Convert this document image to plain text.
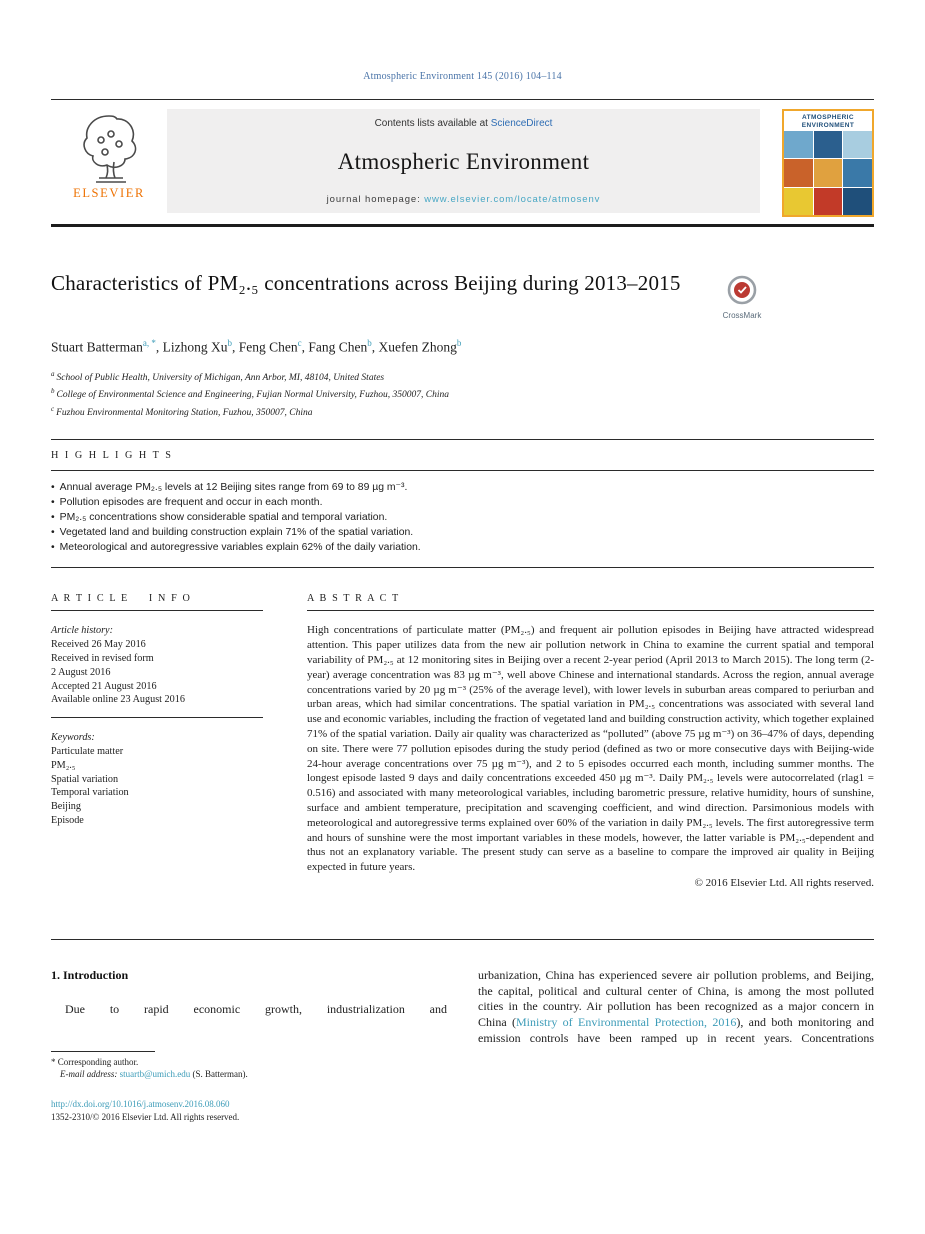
Atmospheric Environment 145 (2016) 104–114
ELSEVIER
Contents lists available at ScienceDirect
Atmospheric Environment
journal homepage: www.elsevier.com/locate/atmosenv
ATMOSPHERIC
ENVIRONMENT
Characteristics of PM₂.₅ concentrations across Beijing during 2013–2015
CrossMark
Stuart Batterman$^{a, *}$, Lizhong Xu$^b$, Feng Chen$^c$, Fang Chen$^b$, Xuefen Zhong$^b$
$^a$ School of Public Health, University of Michigan, Ann Arbor, MI, 48104, United States
$^b$ College of Environmental Science and Engineering, Fujian Normal University, Fuzhou, 350007, China
$^c$ Fuzhou Environmental Monitoring Station, Fuzhou, 350007, China
H I G H L I G H T S
• Annual average PM₂.₅ levels at 12 Beijing sites range from 69 to 89 µg m⁻³.
• Pollution episodes are frequent and occur in each month.
• PM₂.₅ concentrations show considerable spatial and temporal variation.
• Vegetated land and building construction explain 71% of the spatial variation.
• Meteorological and autoregressive variables explain 62% of the daily variation.
A R T I C L E   I N F O
Article history:
Received 26 May 2016
Received in revised form
2 August 2016
Accepted 21 August 2016
Available online 23 August 2016
Keywords:
Particulate matter
PM₂.₅
Spatial variation
Temporal variation
Beijing
Episode
A B S T R A C T

High concentrations of particulate matter (PM₂.₅) and frequent air pollution episodes in Beijing have attracted widespread attention. This paper utilizes data from the new air pollution network in China to examine the current spatial and temporal variability of PM₂.₅ at 12 monitoring sites in Beijing over a recent 2-year period (April 2013 to March 2015). The long term (2-year) average concentration was 83 µg m⁻³, well above Chinese and international standards. Across the region, annual average concentrations varied by 20 µg m⁻³ (25% of the average level), with lower levels in suburban areas compared to periurban and urban areas, which had similar concentrations. The spatial variation in PM₂.₅ concentrations was associated with several land use and economic variables, including the fraction of vegetated land and building construction activity, which together explained 71% of the spatial variation. Daily air quality was characterized as “polluted” (above 75 µg m⁻³) on 36–47% of days, depending on site. There were 77 pollution episodes during the study period (defined as two or more consecutive days with Beijing-wide 24-hour average concentrations over 75 µg m⁻³), and 2 to 5 episodes occurred each month, including summer months. The longest episode lasted 9 days and daily concentrations exceeded 450 µg m⁻³. Daily PM₂.₅ levels were autocorrelated (rlag1 = 0.516) and associated with many meteorological variables, including barometric pressure, relative humidity, hours of sunshine, surface and ambient temperature, precipitation and scavenging coefficient, and wind direction. Parsimonious models with meteorological and autoregressive terms explained over 60% of the variation in daily PM₂.₅ levels. The first autoregressive term and hours of sunshine were the most important variables in these models, however, the latter variable is PM₂.₅-dependent and thus not an explanatory variable. The present study can serve as a baseline to compare the improved air quality in Beijing expected in future years.

© 2016 Elsevier Ltd. All rights reserved.
1. Introduction

Due to rapid economic growth, industrialization and

* Corresponding author.
E-mail address: stuartb@umich.edu (S. Batterman).

urbanization, China has experienced severe air pollution problems, and Beijing, the capital, political and cultural center of China, is among the most polluted cities in the country. Air pollution has been recognized as a major concern in China (Ministry of Environmental Protection, 2016), and both monitoring and emission controls have been ramped up in recent years. Concentrations

http://dx.doi.org/10.1016/j.atmosenv.2016.08.060
1352-2310/© 2016 Elsevier Ltd. All rights reserved.
